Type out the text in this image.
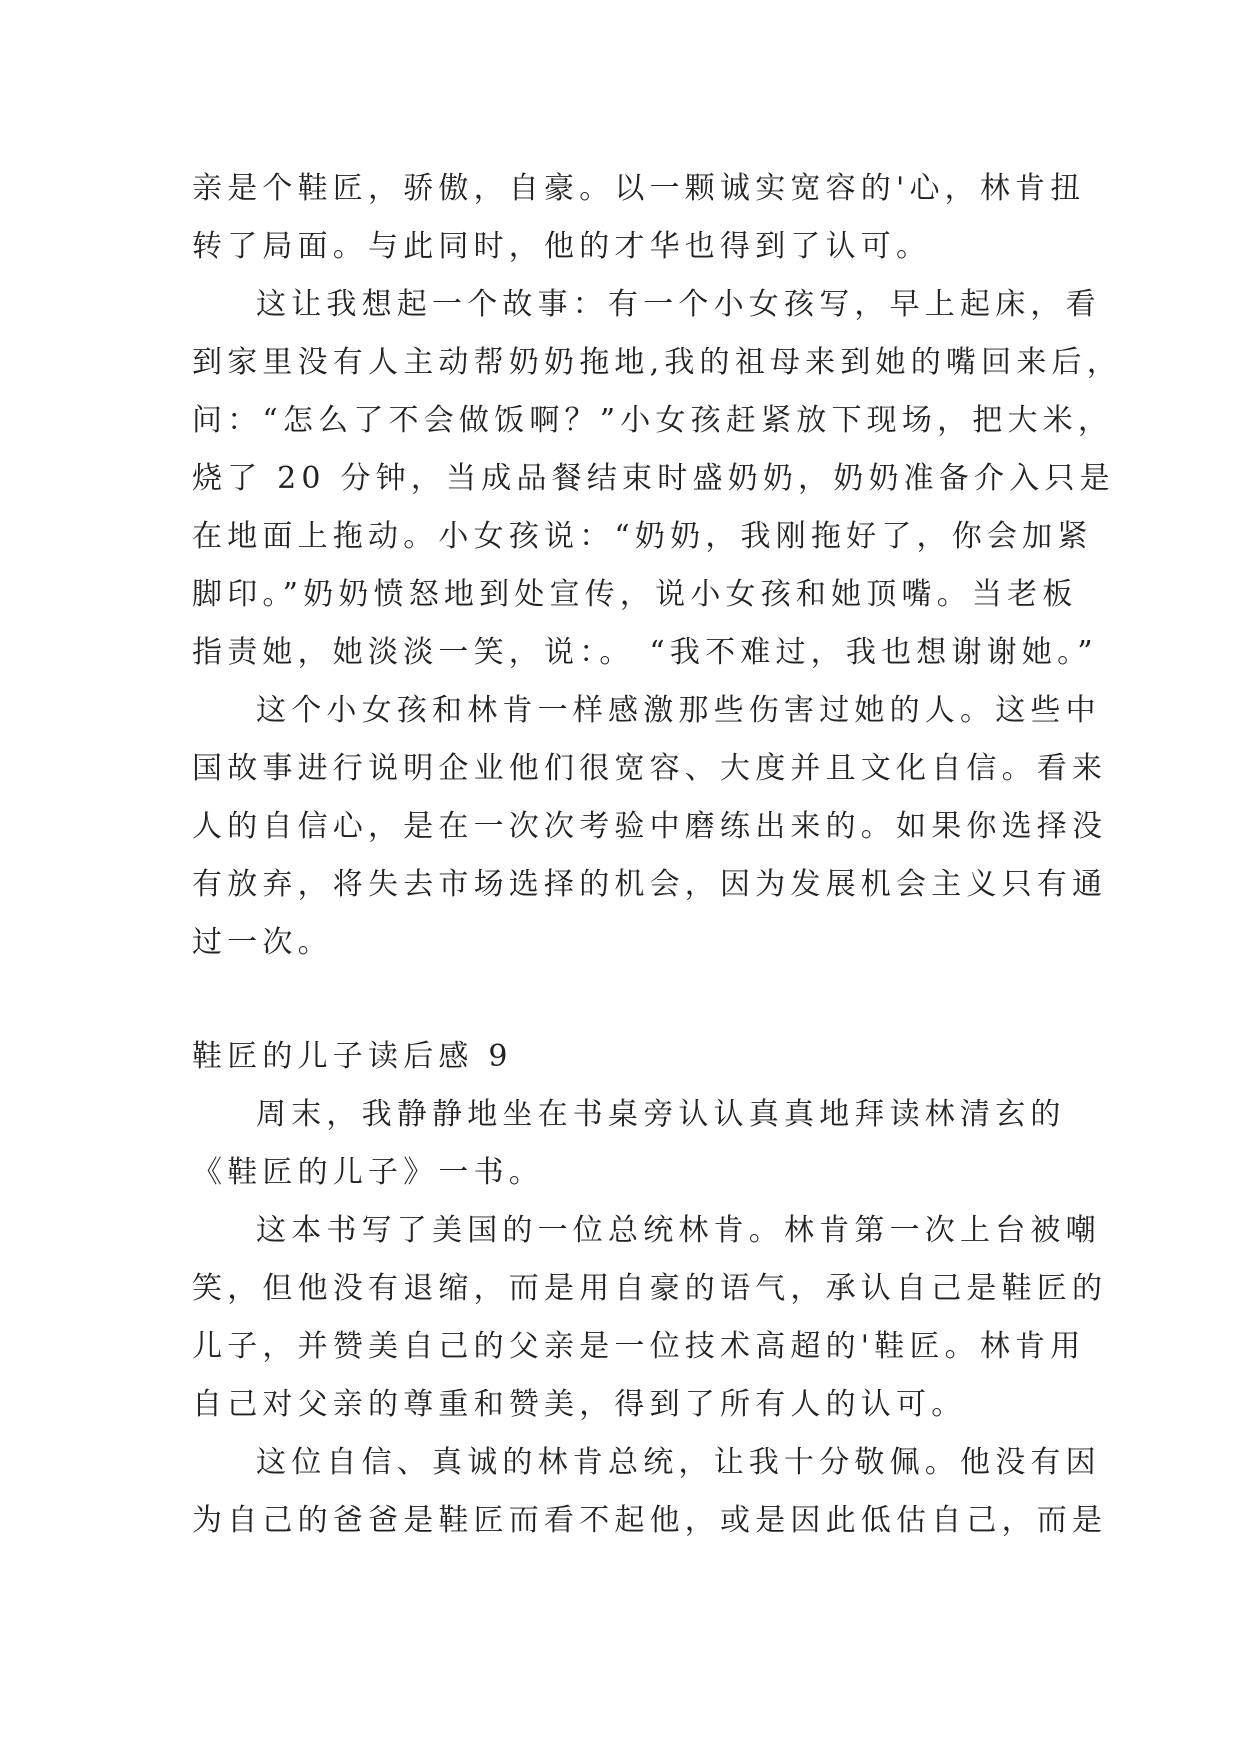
亲是个鞋匠，骄傲，自豪。以一颗诚实宽容的'心，林肯扭
转了局面。与此同时，他的才华也得到了认可。
这让我想起一个故事：有一个小女孩写，早上起床，看
到家里没有人主动帮奶奶拖地,我的祖母来到她的嘴回来后，
问：“怎么了不会做饭啊？”小女孩赶紧放下现场，把大米，
烧了 20 分钟，当成品餐结束时盛奶奶，奶奶准备介入只是
在地面上拖动。小女孩说：“奶奶，我刚拖好了，你会加紧
脚印。”奶奶愤怒地到处宣传，说小女孩和她顶嘴。当老板
指责她，她淡淡一笑，说：。 “我不难过，我也想谢谢她。”
这个小女孩和林肯一样感激那些伤害过她的人。这些中
国故事进行说明企业他们很宽容、大度并且文化自信。看来
人的自信心，是在一次次考验中磨练出来的。如果你选择没
有放弃，将失去市场选择的机会，因为发展机会主义只有通
过一次。
鞋匠的儿子读后感 9
周末，我静静地坐在书桌旁认认真真地拜读林清玄的
《鞋匠的儿子》一书。
这本书写了美国的一位总统林肯。林肯第一次上台被嘲
笑，但他没有退缩，而是用自豪的语气，承认自己是鞋匠的
儿子，并赞美自己的父亲是一位技术高超的'鞋匠。林肯用
自己对父亲的尊重和赞美，得到了所有人的认可。
这位自信、真诚的林肯总统，让我十分敬佩。他没有因
为自己的爸爸是鞋匠而看不起他，或是因此低估自己，而是
